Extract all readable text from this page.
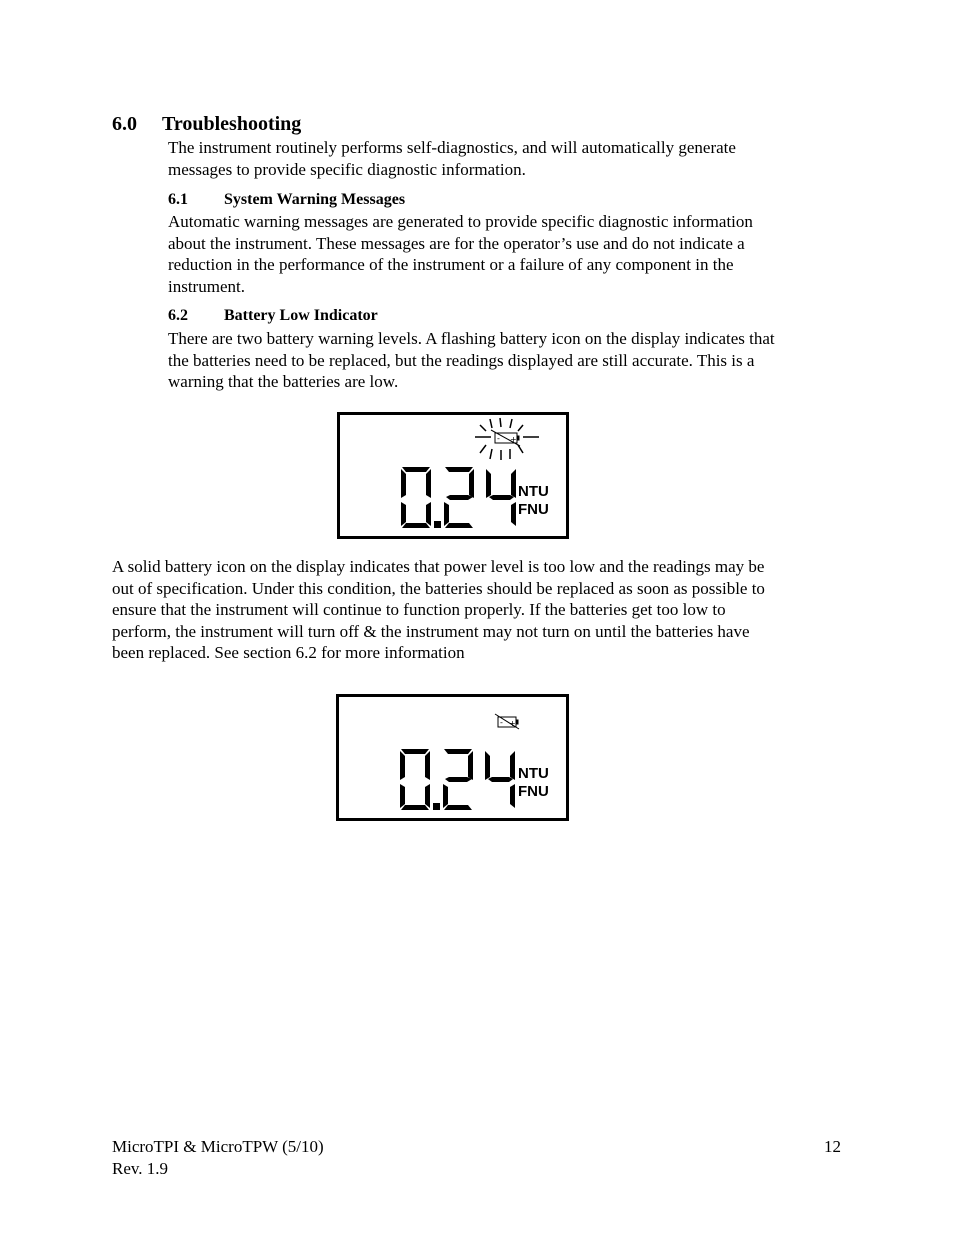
6.0 Troubleshooting
The instrument routinely performs self-diagnostics, and will automatically generate
messages to provide specific diagnostic information.
6.1 System Warning Messages
Automatic warning messages are generated to provide specific diagnostic information
about the instrument. These messages are for the operator’s use and do not indicate a
reduction in the performance of the instrument or a failure of any component in the
instrument.
6.2 Battery Low Indicator
There are two battery warning levels. A flashing battery icon on the display indicates that
the batteries need to be replaced, but the readings displayed are still accurate. This is a
warning that the batteries are low.
- +
NTU
FNU
A solid battery icon on the display indicates that power level is too low and the readings may be
out of specification. Under this condition, the batteries should be replaced as soon as possible to
ensure that the instrument will continue to function properly. If the batteries get too low to
perform, the instrument will turn off & the instrument may not turn on until the batteries have
been replaced. See section 6.2 for more information
- +
NTU
FNU
MicroTPI & MicroTPW (5/10)
Rev. 1.9
12
